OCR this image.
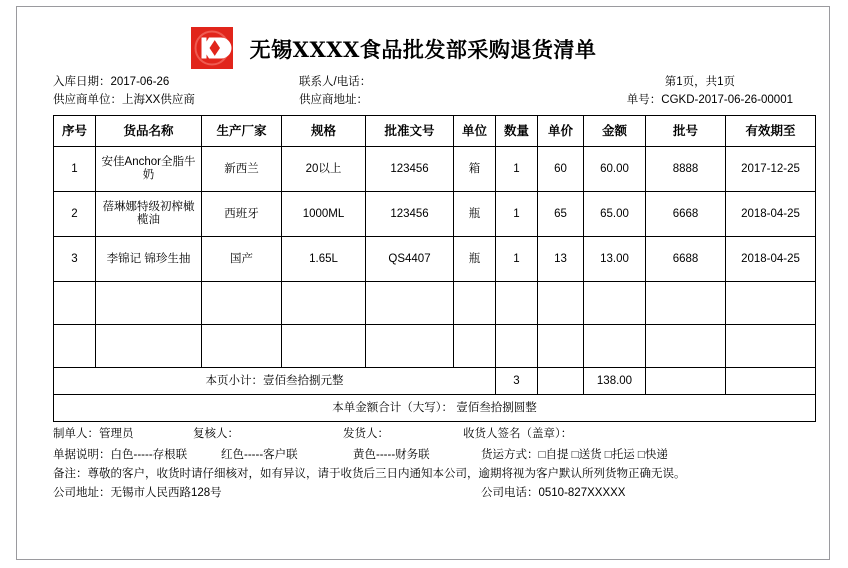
无锡XXXX食品批发部采购退货清单
入库日期：2017-06-26	联系人/电话：	第1页，共1页
供应商单位：上海XX供应商	供应商地址：	单号：CGKD-2017-06-26-00001
序号	货品名称	生产厂家	规格	批准文号	单位	数量	单价	金额	批号	有效期至
1	安佳Anchor全脂牛奶	新西兰	20以上	123456	箱	1	60	60.00	8888	2017-12-25
2	蓓琳娜特级初榨橄榄油	西班牙	1000ML	123456	瓶	1	65	65.00	6668	2018-04-25
3	李锦记 锦珍生抽	国产	1.65L	QS4407	瓶	1	13	13.00	6688	2018-04-25

本页小计：壹佰叁拾捌元整						3		138.00		
本单金额合计（大写）： 壹佰叁拾捌圆整										
制单人：管理员	复核人：	发货人：	收货人签名（盖章）：
单据说明：白色-----存根联	红色-----客户联	黄色-----财务联	货运方式：□自提 □送货 □托运 □快递
备注：尊敬的客户，收货时请仔细核对，如有异议，请于收货后三日内通知本公司，逾期将视为客户默认所列货物正确无误。
公司地址：无锡市人民西路128号	公司电话：0510-827XXXXX
